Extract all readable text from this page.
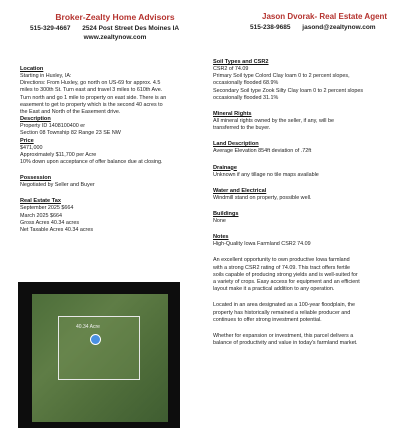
Broker-Zealty Home Advisors
515-329-4667 2524 Post Street Des Moines IA
www.zealtynow.com
Jason Dvorak- Real Estate Agent
515-238-9685 jasond@zealtynow.com

Location

Starting in Huxley, IA:

Directions: From Huxley, go north on US-69 for approx. 4.5

miles to 300th St. Turn east and travel 3 miles to 610th Ave.

Turn north and go 1 mile to property on east side. There is an

easement to get to property which is the second 40 acres to

the East and North of the Easement drive.

Description

Property ID 1408100400 er

Section 08 Township 82 Range 23 SE NW

Price

$471,000

Approximately $11,700 per Acre

10% down upon acceptance of offer balance due at closing.

Possession

Negotiated by Seller and Buyer

Real Estate Tax

September 2025 $664

March 2025 $664

Gross Acres 40.34 acres

Net Taxable Acres 40.34 acres

40.34 Acre

Soil Types and CSR2

CSR2 of 74.09

Primary Soil type Colord Clay loam 0 to 2 percent slopes,

occasionally flooded 68.9%

Secondary Soil type Zook Silty Clay loam 0 to 2 percent slopes

occasionally flooded 31.1%

Mineral Rights

All mineral rights owned by the seller, if any, will be

transferred to the buyer.

Land Description

Average Elevation 854ft deviation of .72ft

Drainage

Unknown if any tillage no tile maps available

Water and Electrical

Windmill stand on property, possible well.

Buildings

None

Notes

High-Quality Iowa Farmland CSR2 74.09

An excellent opportunity to own productive Iowa farmland

with a strong CSR2 rating of 74.09. This tract offers fertile

soils capable of producing strong yields and is well-suited for

a variety of crops. Easy access for equipment and an efficient

layout make it a practical addition to any operation.

Located in an area designated as a 100-year floodplain, the

property has historically remained a reliable producer and

continues to offer strong investment potential.

Whether for expansion or investment, this parcel delivers a

balance of productivity and value in today's farmland market.
